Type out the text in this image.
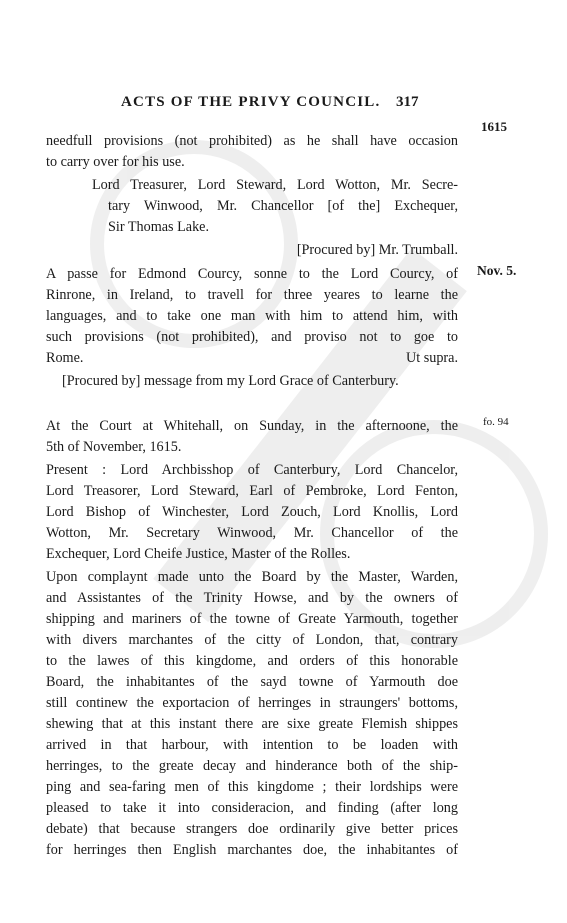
ACTS OF THE PRIVY COUNCIL. 317
1615
Nov. 5.
fo. 94
needfull provisions (not prohibited) as he shall have occasion
to carry over for his use.
Lord Treasurer, Lord Steward, Lord Wotton, Mr. Secre-
tary Winwood, Mr. Chancellor [of the] Exchequer,
Sir Thomas Lake.
[Procured by] Mr. Trumball.
A passe for Edmond Courcy, sonne to the Lord Courcy, of
Rinrone, in Ireland, to travell for three yeares to learne the
languages, and to take one man with him to attend him, with
such provisions (not prohibited), and proviso not to goe to
Rome.	Ut supra.
[Procured by] message from my Lord Grace of Canterbury.
At the Court at Whitehall, on Sunday, in the afternoone, the
5th of November, 1615.
Present : Lord Archbisshop of Canterbury, Lord Chancelor,
Lord Treasorer, Lord Steward, Earl of Pembroke, Lord Fenton,
Lord Bishop of Winchester, Lord Zouch, Lord Knollis, Lord
Wotton, Mr. Secretary Winwood, Mr. Chancellor of the
Exchequer, Lord Cheife Justice, Master of the Rolles.
Upon complaynt made unto the Board by the Master, Warden,
and Assistantes of the Trinity Howse, and by the owners of
shipping and mariners of the towne of Greate Yarmouth, together
with divers marchantes of the citty of London, that, contrary
to the lawes of this kingdome, and orders of this honorable
Board, the inhabitantes of the sayd towne of Yarmouth doe
still continew the exportacion of herringes in straungers' bottoms,
shewing that at this instant there are sixe greate Flemish shippes
arrived in that harbour, with intention to be loaden with
herringes, to the greate decay and hinderance both of the ship-
ping and sea-faring men of this kingdome ; their lordships were
pleased to take it into consideracion, and finding (after long
debate) that because strangers doe ordinarily give better prices
for herringes then English marchantes doe, the inhabitantes of
